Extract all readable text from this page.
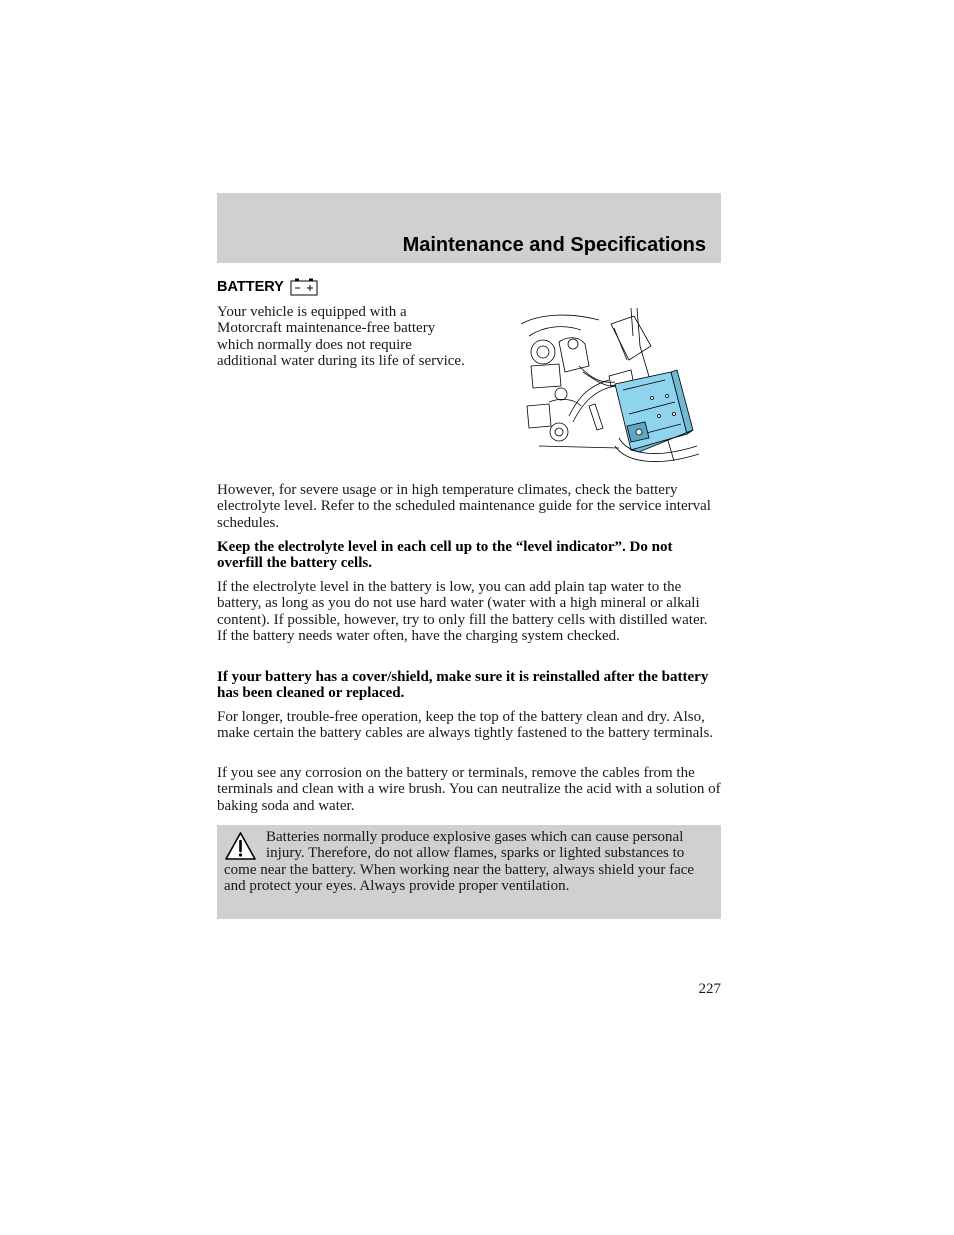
Maintenance and Specifications
BATTERY

Your vehicle is equipped with a Motorcraft maintenance-free battery which normally does not require additional water during its life of service.

However, for severe usage or in high temperature climates, check the battery electrolyte level. Refer to the scheduled maintenance guide for the service interval schedules.

Keep the electrolyte level in each cell up to the “level indicator”. Do not overfill the battery cells.

If the electrolyte level in the battery is low, you can add plain tap water to the battery, as long as you do not use hard water (water with a high mineral or alkali content). If possible, however, try to only fill the battery cells with distilled water. If the battery needs water often, have the charging system checked.

If your battery has a cover/shield, make sure it is reinstalled after the battery has been cleaned or replaced.

For longer, trouble-free operation, keep the top of the battery clean and dry. Also, make certain the battery cables are always tightly fastened to the battery terminals.

If you see any corrosion on the battery or terminals, remove the cables from the terminals and clean with a wire brush. You can neutralize the acid with a solution of baking soda and water.

Batteries normally produce explosive gases which can cause personal injury. Therefore, do not allow flames, sparks or lighted substances to come near the battery. When working near the battery, always shield your face and protect your eyes. Always provide proper ventilation.

227
